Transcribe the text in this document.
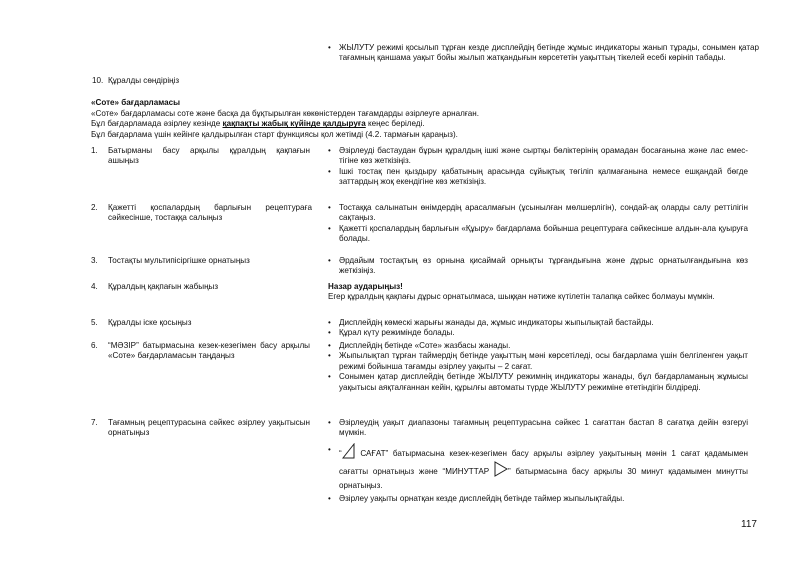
• ЖЫЛУТУ режимі қосылып тұрған кезде дисплейдің бетінде жұмыс индикаторы жанып тұрады, сонымен қатар тағамның қаншама уақыт бойы жылып жатқандығын көрсететін уақыттың тікелей есебі көрініп табады.
10. Құралды сөндіріңіз
«Соте» бағдарламасы
«Соте» бағдарламасы соте және басқа да бұқтырылған көкөністерден тағамдарды әзірлеуге арналған.
Бұл бағдарламада әзірлеу кезінде қақпақты жабық күйінде қалдыруға кеңес беріледі.
Бұл бағдарлама үшін кейінге қалдырылған старт функциясы қол жетімді (4.2. тармағын қараңыз).
1. Батырманы басу арқылы құралдың қақпағын ашыңыз
• Әзірлеуді бастаудан бұрын құралдың ішкі және сыртқы бөліктерінің орамадан босағанына және лас еместігіне көз жеткізіңіз.
• Ішкі тостақ пен қыздыру қабатының арасында сұйықтық төгіліп қалмағанына немесе ешқандай бөгде заттардың жоқ екендігіне көз жеткізіңіз.
2. Қажетті қоспалардың барлығын рецептураға сәйкесінше, тостаққа салыңыз
• Тостаққа салынатын өнімдердің арасалмағын (ұсынылған мөлшерлігін), сондай-ақ оларды салу реттілігін сақтаңыз.
• Қажетті қоспалардың барлығын «Құыру» бағдарлама бойынша рецептураға сәйкесінше алдын-ала қуыруға болады.
3. Тостақты мультипісіргішке орнатыңыз	• Әрдайым тостақтың өз орнына қисаймай орнықты тұрғандығына және дұрыс орнатылғандығына көз жеткізіңіз.
4. Құралдың қақпағын жабыңыз	Назар аударыңыз!
Егер құралдың қақпағы дұрыс орнатылмаса, шыққан нәтиже күтілетін талапқа сәйкес болмауы мүмкін.
5. Құралды іске қосыңыз	• Дисплейдің көмескі жарығы жанады да, жұмыс индикаторы жыпылықтай бастайды.
• Құрал күту режимінде болады.
6. “МӘЗІР” батырмасына кезек-кезегімен басу арқылы «Соте» бағдарламасын таңдаңыз
• Дисплейдің бетінде «Соте» жазбасы жанады.
• Жыпылықтап тұрған таймердің бетінде уақыттың мәні көрсетіледі, осы бағдарлама үшін белгіленген уақыт режимі бойынша тағамды әзірлеу уақыты – 2 сағат.
• Сонымен қатар дисплейдің бетінде ЖЫЛУТУ режимнің индикаторы жанады, бұл бағдарламаның жұмысы уақытысы аяқталғаннан кейін, құрылғы автоматы түрде ЖЫЛУТУ режиміне өтетіндігін білдіреді.
7. Тағамның рецептурасына сәйкес әзірлеу уақытысын орнатыңыз
• Әзірлеудің уақыт диапазоны тағамның рецептурасына сәйкес 1 сағаттан бастап 8 сағатқа дейін өзгеруі мүмкін.
• “ САҒАТ” батырмасына кезек-кезегімен басу арқылы әзірлеу уақытының мәнін 1 сағат қадамымен сағатты орнатыңыз және “МИНУТТАР ” батырмасына басу арқылы 30 минут қадамымен минутты орнатыңыз.
• Әзірлеу уақыты орнатқан кезде дисплейдің бетінде таймер жыпылықтайды.
117
